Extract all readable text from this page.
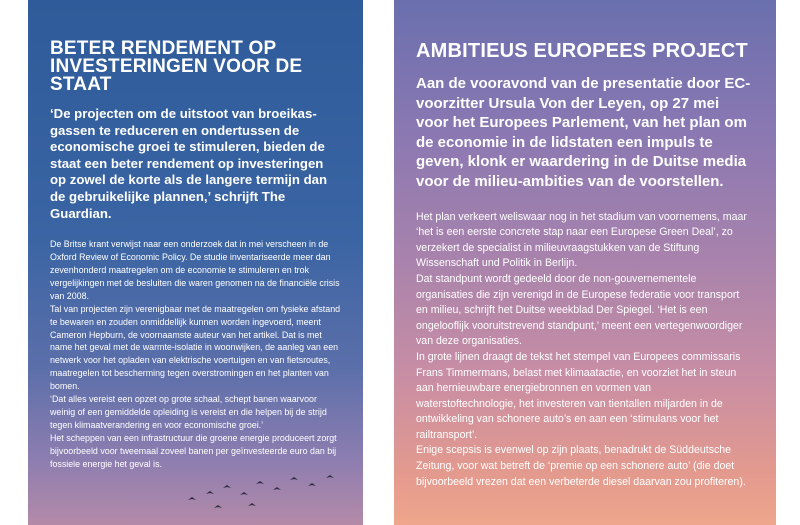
BETER RENDEMENT OP INVESTERINGEN VOOR DE STAAT

‘De projecten om de uitstoot van broeikasgassen te reduceren en ondertussen de economische groei te stimuleren, bieden de staat een beter rendement op investeringen op zowel de korte als de langere termijn dan de gebruikelijke plannen,’ schrijft The Guardian.

De Britse krant verwijst naar een onderzoek dat in mei verscheen in de Oxford Review of Economic Policy. De studie inventariseerde meer dan zevenhonderd maatregelen om de economie te stimuleren en trok vergelijkingen met de besluiten die waren genomen na de financiële crisis van 2008.

Tal van projecten zijn verenigbaar met de maatregelen om fysieke afstand te bewaren en zouden onmiddellijk kunnen worden ingevoerd, meent Cameron Hepburn, de voornaamste auteur van het artikel. Dat is met name het geval met de warmte-isolatie in woonwijken, de aanleg van een netwerk voor het opladen van elektrische voertuigen en van fietsroutes, maatregelen tot bescherming tegen overstromingen en het planten van bomen.

‘Dat alles vereist een opzet op grote schaal, schept banen waarvoor weinig of een gemiddelde opleiding is vereist en die helpen bij de strijd tegen klimaatverandering en voor economische groei.’

Het scheppen van een infrastructuur die groene energie produceert zorgt bijvoorbeeld voor tweemaal zoveel banen per geïnvesteerde euro dan bij fossiele energie het geval is.

AMBITIEUS EUROPEES PROJECT

Aan de vooravond van de presentatie door EC-voorzitter Ursula Von der Leyen, op 27 mei voor het Europees Parlement, van het plan om de economie in de lidstaten een impuls te geven, klonk er waardering in de Duitse media voor de milieu-ambities van de voorstellen.

Het plan verkeert weliswaar nog in het stadium van voornemens, maar ‘het is een eerste concrete stap naar een Europese Green Deal’, zo verzekert de specialist in milieuvraagstukken van de Stiftung Wissenschaft und Politik in Berlijn.

Dat standpunt wordt gedeeld door de non-gouvernementele organisaties die zijn verenigd in de Europese federatie voor transport en milieu, schrijft het Duitse weekblad Der Spiegel. ‘Het is een ongelooflijk vooruitstrevend standpunt,’ meent een vertegenwoordiger van deze organisaties.

In grote lijnen draagt de tekst het stempel van Europees commissaris Frans Timmermans, belast met klimaatactie, en voorziet het in steun aan hernieuwbare energiebronnen en vormen van waterstoftechnologie, het investeren van tientallen miljarden in de ontwikkeling van schonere auto’s en aan een ‘stimulans voor het railtransport’.

Enige scepsis is evenwel op zijn plaats, benadrukt de Süddeutsche Zeitung, voor wat betreft de ‘premie op een schonere auto’ (die doet bijvoorbeeld vrezen dat een verbeterde diesel daarvan zou profiteren).
